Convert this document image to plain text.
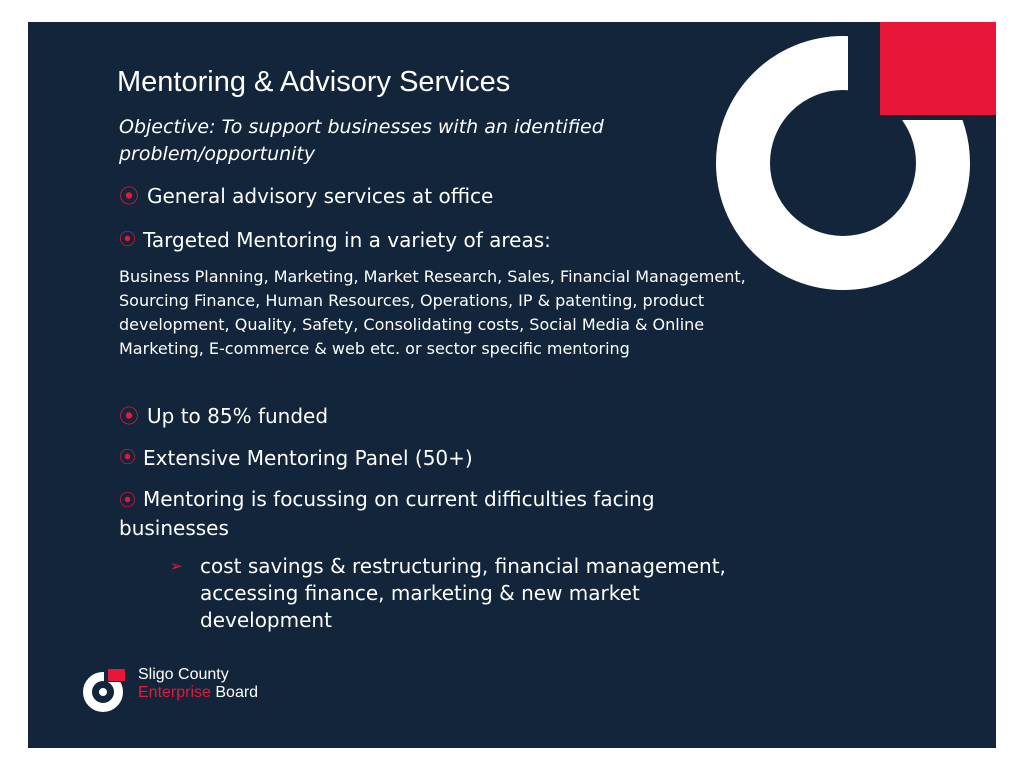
Mentoring & Advisory Services

Objective: To support businesses with an identified problem/opportunity

⦿ General advisory services at office
⦿ Targeted Mentoring in a variety of areas:
Business Planning, Marketing, Market Research, Sales, Financial Management, Sourcing Finance, Human Resources, Operations, IP & patenting, product development, Quality, Safety, Consolidating costs, Social Media & Online Marketing, E-commerce & web etc. or sector specific mentoring
⦿ Up to 85% funded
⦿ Extensive Mentoring Panel (50+)
⦿ Mentoring is focussing on current difficulties facing businesses
➢ cost savings & restructuring, financial management, accessing finance, marketing & new market development
Sligo County
Enterprise Board
